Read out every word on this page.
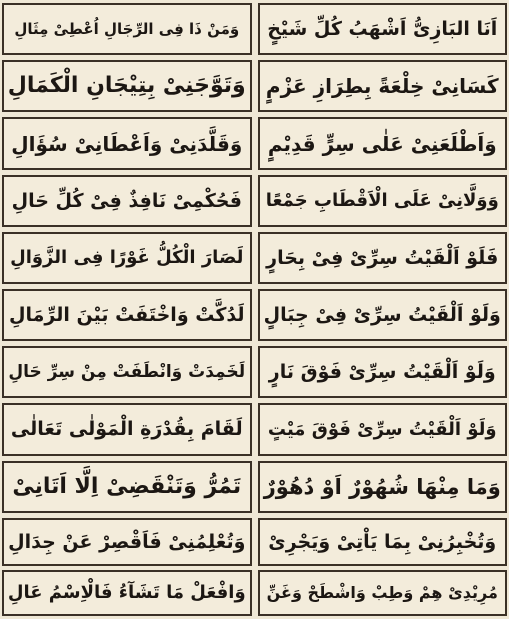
وَمَنْ ذَا فِی الرِّجَالِ اُعْطِیْ مِثَالِ اَنَا البَازِیُّ اَشْهَبُ كُلِّ شَيْخٍ
وَتَوَّجَنِیْ بِتِيْجَانِ الْكَمَالِ كَسَانِیْ خِلْعَةً بِطِرَازِ عَزْمٍ
وَقَلَّدَنِیْ وَاَعْطَانِیْ سُؤَالِ وَاَطْلَعَنِیْ عَلٰی سِرٍّ قَدِيْمٍ
فَحُكْمِیْ نَافِذٌ فِیْ كُلِّ حَالِ وَوَلَّانِیْ عَلَی الْاَقْطَابِ جَمْعًا
لَصَارَ الْكُلُّ غَوْرًا فِی الزَّوَالِ فَلَوْ اَلْقَيْتُ سِرِّیْ فِیْ بِحَارٍ
لَدُكَّتْ وَاخْتَفَتْ بَيْنَ الرِّمَالِ وَلَوْ اَلْقَيْتُ سِرِّیْ فِیْ جِبَالٍ
لَخَمِدَتْ وَانْطَفَتْ مِنْ سِرِّ حَالِ وَلَوْ اَلْقَيْتُ سِرِّیْ فَوْقَ نَارٍ
لَقَامَ بِقُدْرَةِ الْمَوْلٰی تَعَالٰی وَلَوْ اَلْقَيْتُ سِرِّیْ فَوْقَ مَيْتٍ
تَمُرُّ وَتَنْقَضِیْ اِلَّا اَتَانِیْ وَمَا مِنْهَا شُهُوْرٌ اَوْ دُهُوْرٌ
وَتُعْلِمُنِیْ فَاَقْصِرْ عَنْ جِدَالِ وَتُخْبِرُنِیْ بِمَا يَاْتِیْ وَيَجْرِیْ
وَافْعَلْ مَا تَشَآءُ فَالْاِسْمُ عَالِ مُرِيْدِیْ هِمْ وَطِبْ وَاشْطَحْ وَغَنِّ
